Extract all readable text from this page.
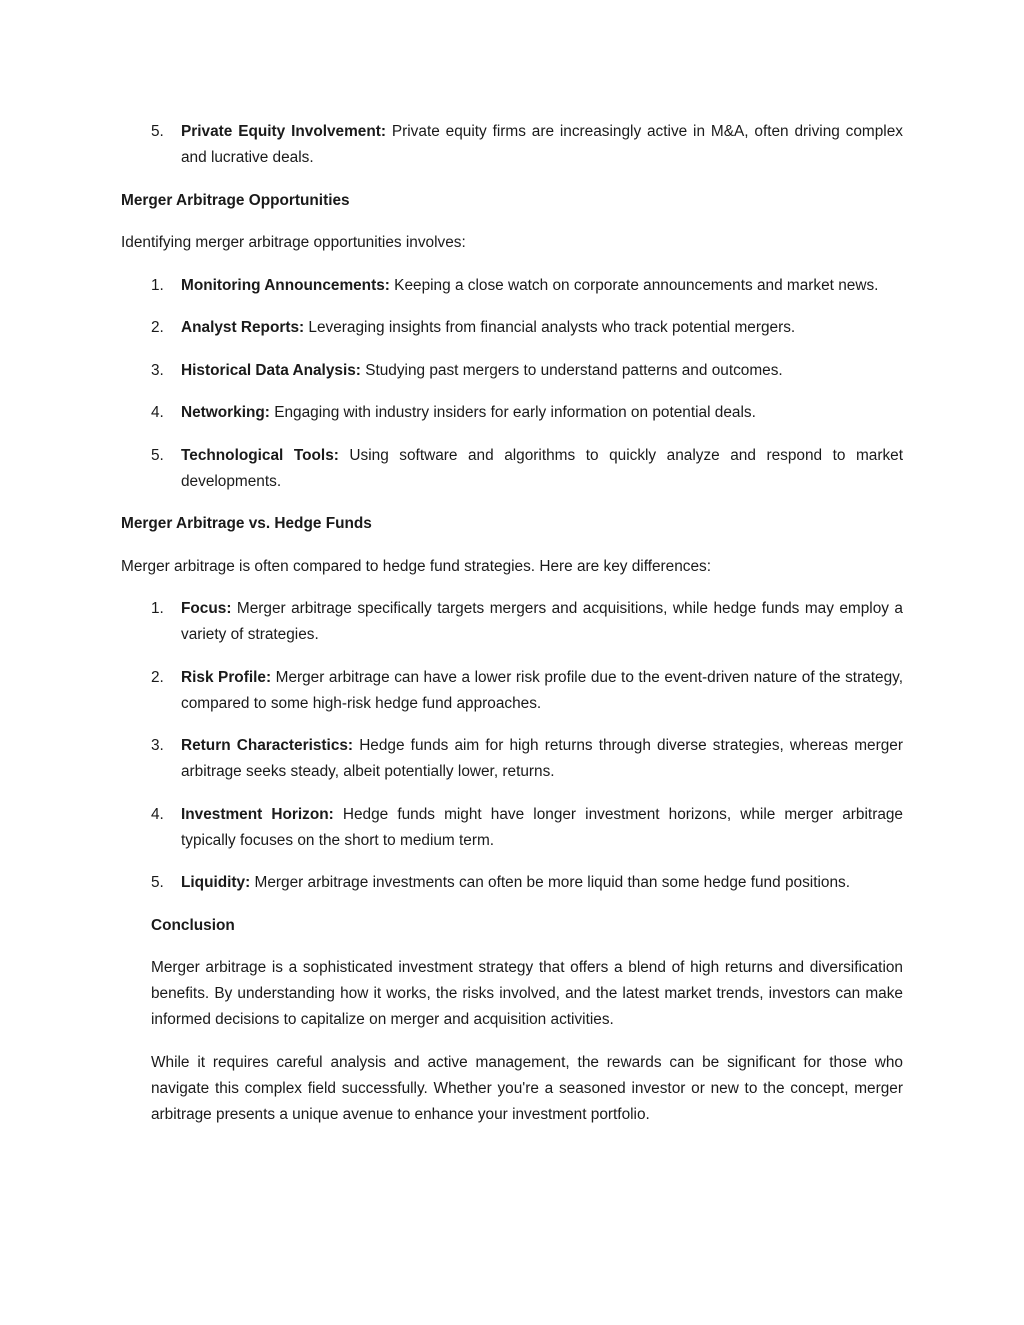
5. Private Equity Involvement: Private equity firms are increasingly active in M&A, often driving complex and lucrative deals.
Merger Arbitrage Opportunities

Identifying merger arbitrage opportunities involves:

1. Monitoring Announcements: Keeping a close watch on corporate announcements and market news.
2. Analyst Reports: Leveraging insights from financial analysts who track potential mergers.
3. Historical Data Analysis: Studying past mergers to understand patterns and outcomes.
4. Networking: Engaging with industry insiders for early information on potential deals.
5. Technological Tools: Using software and algorithms to quickly analyze and respond to market developments.
Merger Arbitrage vs. Hedge Funds

Merger arbitrage is often compared to hedge fund strategies. Here are key differences:

1. Focus: Merger arbitrage specifically targets mergers and acquisitions, while hedge funds may employ a variety of strategies.
2. Risk Profile: Merger arbitrage can have a lower risk profile due to the event-driven nature of the strategy, compared to some high-risk hedge fund approaches.
3. Return Characteristics: Hedge funds aim for high returns through diverse strategies, whereas merger arbitrage seeks steady, albeit potentially lower, returns.
4. Investment Horizon: Hedge funds might have longer investment horizons, while merger arbitrage typically focuses on the short to medium term.
5. Liquidity: Merger arbitrage investments can often be more liquid than some hedge fund positions.
Conclusion

Merger arbitrage is a sophisticated investment strategy that offers a blend of high returns and diversification benefits. By understanding how it works, the risks involved, and the latest market trends, investors can make informed decisions to capitalize on merger and acquisition activities.

While it requires careful analysis and active management, the rewards can be significant for those who navigate this complex field successfully. Whether you're a seasoned investor or new to the concept, merger arbitrage presents a unique avenue to enhance your investment portfolio.
